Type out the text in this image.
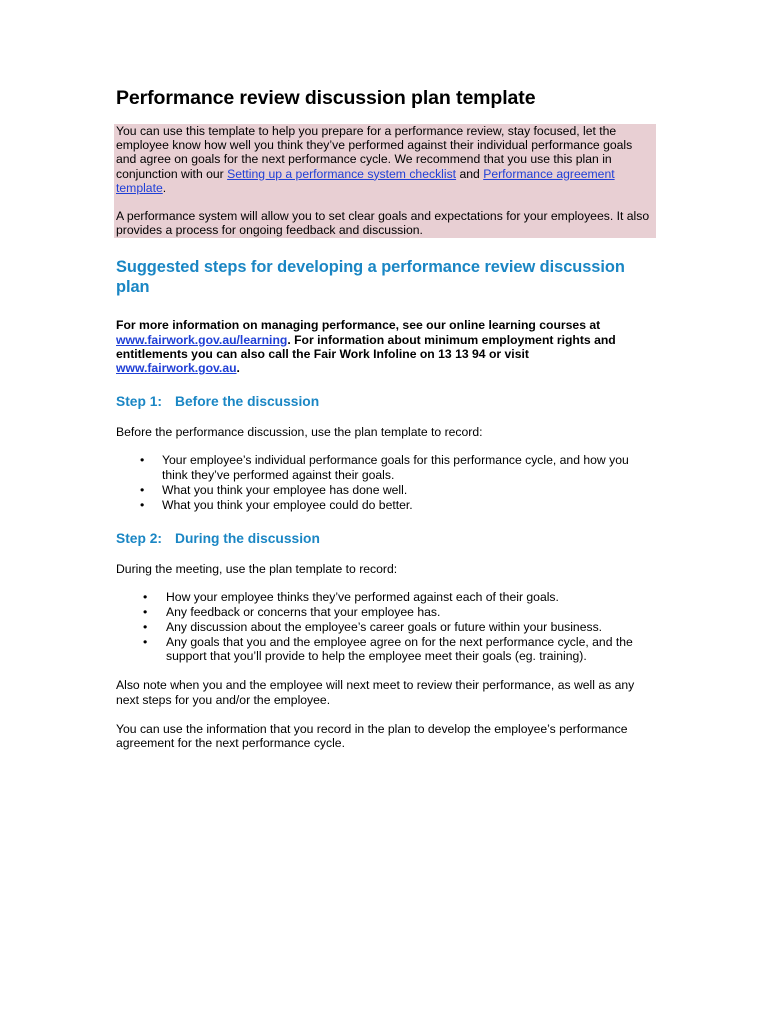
Performance review discussion plan template

You can use this template to help you prepare for a performance review, stay focused, let the employee know how well you think they’ve performed against their individual performance goals and agree on goals for the next performance cycle. We recommend that you use this plan in conjunction with our Setting up a performance system checklist and Performance agreement template.

A performance system will allow you to set clear goals and expectations for your employees. It also provides a process for ongoing feedback and discussion.

Suggested steps for developing a performance review discussion plan

For more information on managing performance, see our online learning courses at www.fairwork.gov.au/learning. For information about minimum employment rights and entitlements you can also call the Fair Work Infoline on 13 13 94 or visit www.fairwork.gov.au.

Step 1: Before the discussion

Before the performance discussion, use the plan template to record:

• Your employee’s individual performance goals for this performance cycle, and how you think they’ve performed against their goals.
• What you think your employee has done well.
• What you think your employee could do better.
Step 2: During the discussion

During the meeting, use the plan template to record:

• How your employee thinks they’ve performed against each of their goals.
• Any feedback or concerns that your employee has.
• Any discussion about the employee’s career goals or future within your business.
• Any goals that you and the employee agree on for the next performance cycle, and the support that you’ll provide to help the employee meet their goals (eg. training).

Also note when you and the employee will next meet to review their performance, as well as any next steps for you and/or the employee.

You can use the information that you record in the plan to develop the employee’s performance agreement for the next performance cycle.
